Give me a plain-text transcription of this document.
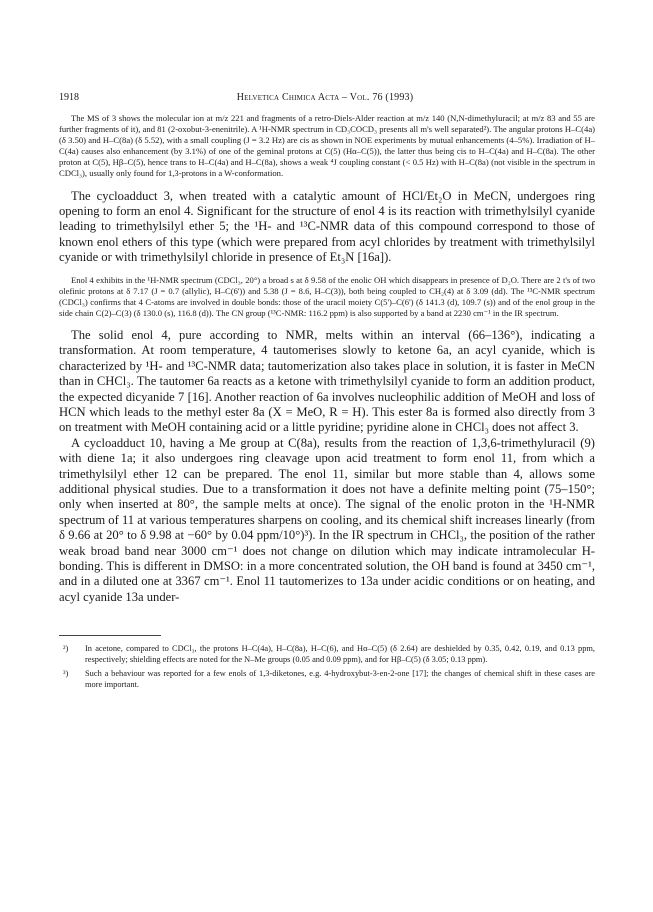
1918	Helvetica Chimica Acta – Vol. 76 (1993)

The MS of 3 shows the molecular ion at m/z 221 and fragments of a retro-Diels-Alder reaction at m/z 140 (N,N-dimethyluracil; at m/z 83 and 55 are further fragments of it), and 81 (2-oxobut-3-enenitrile). A ¹H-NMR spectrum in CD₃COCD₃ presents all m's well separated²). The angular protons H–C(4a) (δ 3.50) and H–C(8a) (δ 5.52), with a small coupling (J = 3.2 Hz) are cis as shown in NOE experiments by mutual enhancements (4–5%). Irradiation of H–C(4a) causes also enhancement (by 3.1%) of one of the geminal protons at C(5) (Hα–C(5)), the latter thus being cis to H–C(4a) and H–C(8a). The other proton at C(5), Hβ–C(5), hence trans to H–C(4a) and H–C(8a), shows a weak ⁴J coupling constant (< 0.5 Hz) with H–C(8a) (not visible in the spectrum in CDCl₃), usually only found for 1,3-protons in a W-conformation.

The cycloadduct 3, when treated with a catalytic amount of HCl/Et₂O in MeCN, undergoes ring opening to form an enol 4. Significant for the structure of enol 4 is its reaction with trimethylsilyl cyanide leading to trimethylsilyl ether 5; the ¹H- and ¹³C-NMR data of this compound correspond to those of known enol ethers of this type (which were prepared from acyl chlorides by treatment with trimethylsilyl cyanide or with trimethylsilyl chloride in presence of Et₃N [16a]).

Enol 4 exhibits in the ¹H-NMR spectrum (CDCl₃, 20°) a broad s at δ 9.58 of the enolic OH which disappears in presence of D₂O. There are 2 t's of two olefinic protons at δ 7.17 (J = 0.7 (allylic), H–C(6')) and 5.38 (J = 8.6, H–C(3)), both being coupled to CH₂(4) at δ 3.09 (dd). The ¹³C-NMR spectrum (CDCl₃) confirms that 4 C-atoms are involved in double bonds: those of the uracil moiety C(5')–C(6') (δ 141.3 (d), 109.7 (s)) and of the enol group in the side chain C(2)–C(3) (δ 130.0 (s), 116.8 (d)). The CN group (¹³C-NMR: 116.2 ppm) is also supported by a band at 2230 cm⁻¹ in the IR spectrum.

The solid enol 4, pure according to NMR, melts within an interval (66–136°), indicating a transformation. At room temperature, 4 tautomerises slowly to ketone 6a, an acyl cyanide, which is characterized by ¹H- and ¹³C-NMR data; tautomerization also takes place in solution, it is faster in MeCN than in CHCl₃. The tautomer 6a reacts as a ketone with trimethylsilyl cyanide to form an addition product, the expected dicyanide 7 [16]. Another reaction of 6a involves nucleophilic addition of MeOH and loss of HCN which leads to the methyl ester 8a (X = MeO, R = H). This ester 8a is formed also directly from 3 on treatment with MeOH containing acid or a little pyridine; pyridine alone in CHCl₃ does not affect 3.

A cycloadduct 10, having a Me group at C(8a), results from the reaction of 1,3,6-trimethyluracil (9) with diene 1a; it also undergoes ring cleavage upon acid treatment to form enol 11, from which a trimethylsilyl ether 12 can be prepared. The enol 11, similar but more stable than 4, allows some additional physical studies. Due to a transformation it does not have a definite melting point (75–150°; only when inserted at 80°, the sample melts at once). The signal of the enolic proton in the ¹H-NMR spectrum of 11 at various temperatures sharpens on cooling, and its chemical shift increases linearly (from δ 9.66 at 20° to δ 9.98 at −60° by 0.04 ppm/10°)³). In the IR spectrum in CHCl₃, the position of the rather weak broad band near 3000 cm⁻¹ does not change on dilution which may indicate intramolecular H-bonding. This is different in DMSO: in a more concentrated solution, the OH band is found at 3450 cm⁻¹, and in a diluted one at 3367 cm⁻¹. Enol 11 tautomerizes to 13a under acidic conditions or on heating, and acyl cyanide 13a under-

²)	In acetone, compared to CDCl₃, the protons H–C(4a), H–C(8a), H–C(6), and Hα–C(5) (δ 2.64) are deshielded by 0.35, 0.42, 0.19, and 0.13 ppm, respectively; shielding effects are noted for the N–Me groups (0.05 and 0.09 ppm), and for Hβ–C(5) (δ 3.05; 0.13 ppm).
³)	Such a behaviour was reported for a few enols of 1,3-diketones, e.g. 4-hydroxybut-3-en-2-one [17]; the changes of chemical shift in these cases are more important.
